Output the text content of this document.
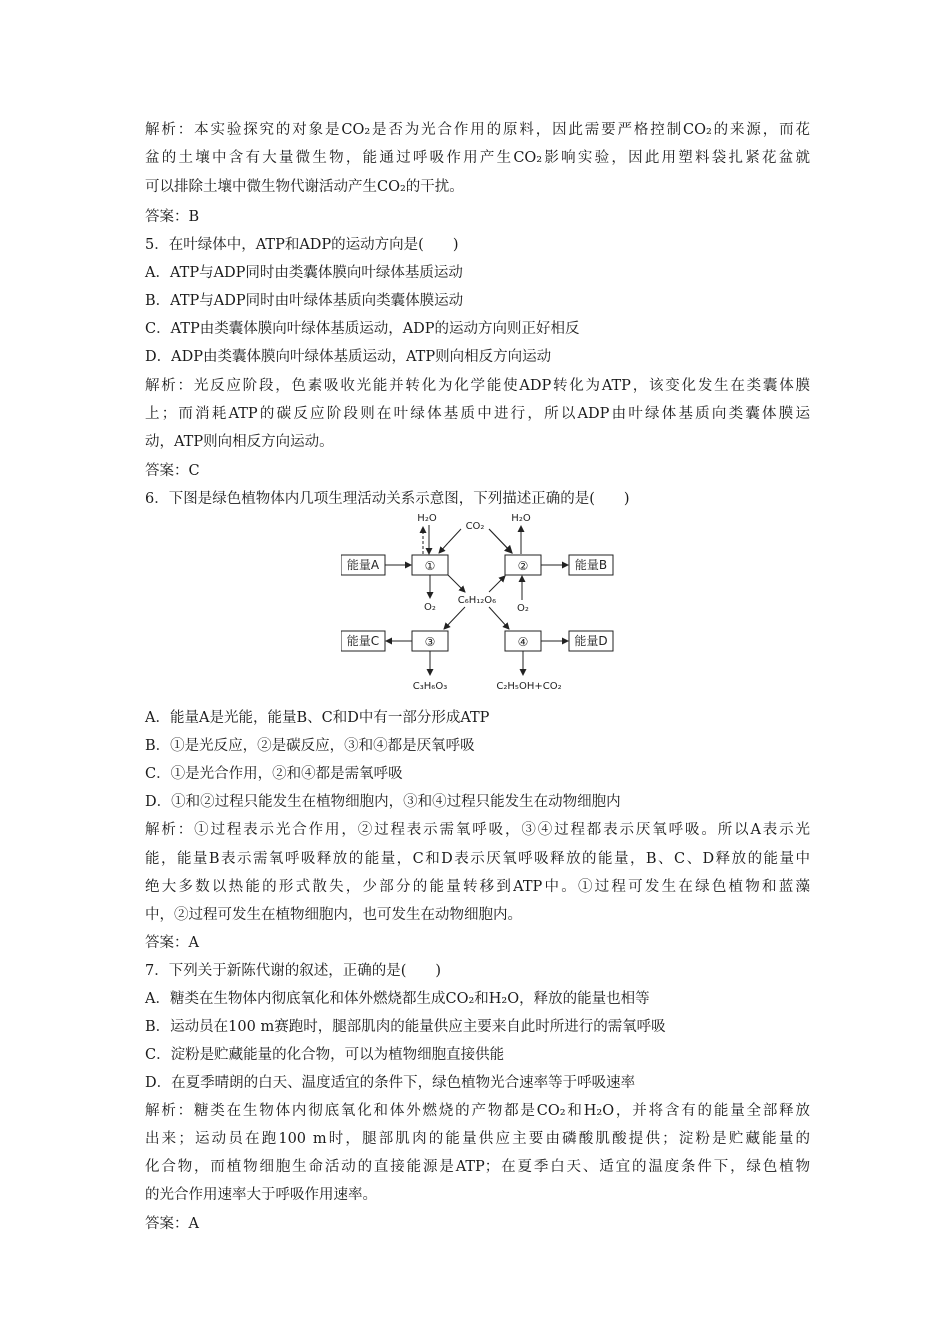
解析：本实验探究的对象是CO₂是否为光合作用的原料，因此需要严格控制CO₂的来源，而花
盆的土壤中含有大量微生物，能通过呼吸作用产生CO₂影响实验，因此用塑料袋扎紧花盆就
可以排除土壤中微生物代谢活动产生CO₂的干扰。
答案：B
5．在叶绿体中，ATP和ADP的运动方向是(　　)
A．ATP与ADP同时由类囊体膜向叶绿体基质运动
B．ATP与ADP同时由叶绿体基质向类囊体膜运动
C．ATP由类囊体膜向叶绿体基质运动，ADP的运动方向则正好相反
D．ADP由类囊体膜向叶绿体基质运动，ATP则向相反方向运动
解析：光反应阶段，色素吸收光能并转化为化学能使ADP转化为ATP，该变化发生在类囊体膜
上；而消耗ATP的碳反应阶段则在叶绿体基质中进行，所以ADP由叶绿体基质向类囊体膜运
动，ATP则向相反方向运动。
答案：C
6．下图是绿色植物体内几项生理活动关系示意图，下列描述正确的是(　　)
A．能量A是光能，能量B、C和D中有一部分形成ATP
B．①是光反应，②是碳反应，③和④都是厌氧呼吸
C．①是光合作用，②和④都是需氧呼吸
D．①和②过程只能发生在植物细胞内，③和④过程只能发生在动物细胞内
解析：①过程表示光合作用，②过程表示需氧呼吸，③④过程都表示厌氧呼吸。所以A表示光
能，能量B表示需氧呼吸释放的能量，C和D表示厌氧呼吸释放的能量，B、C、D释放的能量中
绝大多数以热能的形式散失，少部分的能量转移到ATP中。①过程可发生在绿色植物和蓝藻
中，②过程可发生在植物细胞内，也可发生在动物细胞内。
答案：A
7．下列关于新陈代谢的叙述，正确的是(　　)
A．糖类在生物体内彻底氧化和体外燃烧都生成CO₂和H₂O，释放的能量也相等
B．运动员在100 m赛跑时，腿部肌肉的能量供应主要来自此时所进行的需氧呼吸
C．淀粉是贮藏能量的化合物，可以为植物细胞直接供能
D．在夏季晴朗的白天、温度适宜的条件下，绿色植物光合速率等于呼吸速率
解析：糖类在生物体内彻底氧化和体外燃烧的产物都是CO₂和H₂O，并将含有的能量全部释放
出来；运动员在跑100 m时，腿部肌肉的能量供应主要由磷酸肌酸提供；淀粉是贮藏能量的
化合物，而植物细胞生命活动的直接能源是ATP；在夏季白天、适宜的温度条件下，绿色植物
的光合作用速率大于呼吸作用速率。
答案：A
能量A	①	②	能量B
能量C	③	④	能量D
H₂O	H₂O
CO₂
O₂	O₂
C₆H₁₂O₆
C₃H₆O₃	C₂H₅OH+CO₂
